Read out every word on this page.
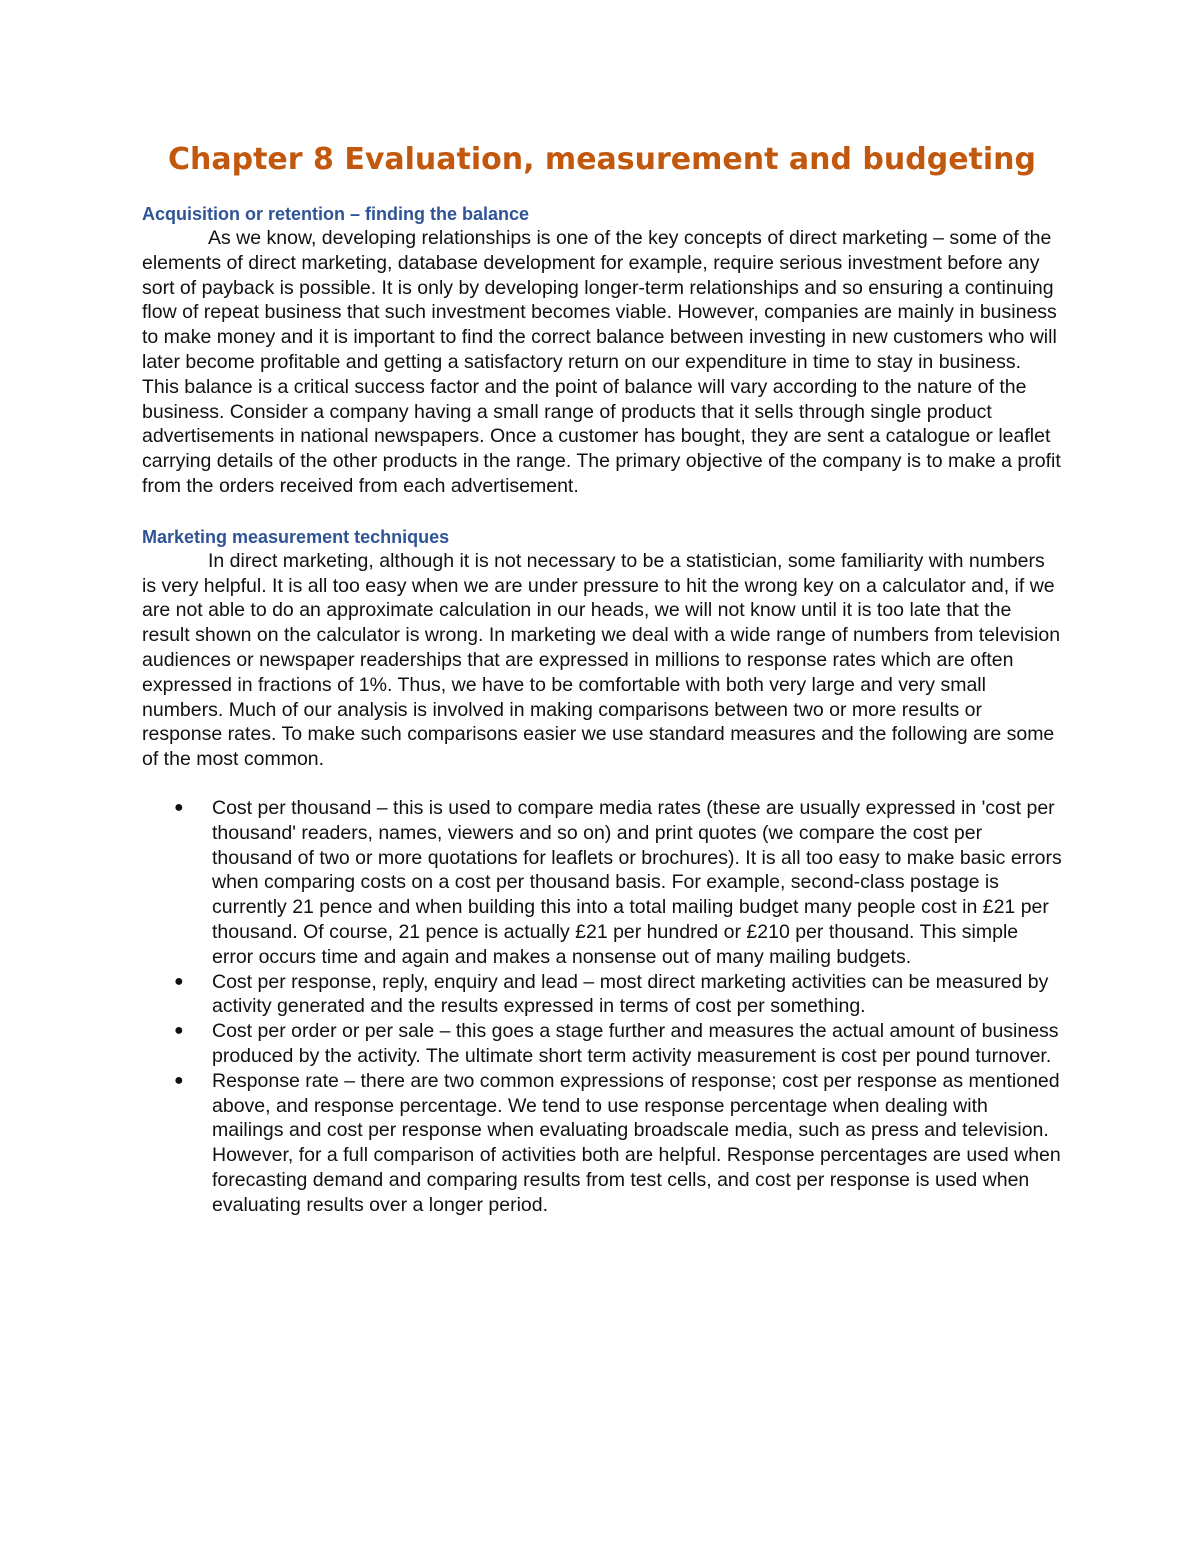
Chapter 8 Evaluation, measurement and budgeting
Acquisition or retention – finding the balance

As we know, developing relationships is one of the key concepts of direct marketing – some of the elements of direct marketing, database development for example, require serious investment before any sort of payback is possible. It is only by developing longer-term relationships and so ensuring a continuing flow of repeat business that such investment becomes viable. However, companies are mainly in business to make money and it is important to find the correct balance between investing in new customers who will later become profitable and getting a satisfactory return on our expenditure in time to stay in business. This balance is a critical success factor and the point of balance will vary according to the nature of the business. Consider a company having a small range of products that it sells through single product advertisements in national newspapers. Once a customer has bought, they are sent a catalogue or leaflet carrying details of the other products in the range. The primary objective of the company is to make a profit from the orders received from each advertisement.

Marketing measurement techniques

In direct marketing, although it is not necessary to be a statistician, some familiarity with numbers is very helpful. It is all too easy when we are under pressure to hit the wrong key on a calculator and, if we are not able to do an approximate calculation in our heads, we will not know until it is too late that the result shown on the calculator is wrong. In marketing we deal with a wide range of numbers from television audiences or newspaper readerships that are expressed in millions to response rates which are often expressed in fractions of 1%. Thus, we have to be comfortable with both very large and very small numbers. Much of our analysis is involved in making comparisons between two or more results or response rates. To make such comparisons easier we use standard measures and the following are some of the most common.

● Cost per thousand – this is used to compare media rates (these are usually expressed in 'cost per thousand' readers, names, viewers and so on) and print quotes (we compare the cost per thousand of two or more quotations for leaflets or brochures). It is all too easy to make basic errors when comparing costs on a cost per thousand basis. For example, second-class postage is currently 21 pence and when building this into a total mailing budget many people cost in £21 per thousand. Of course, 21 pence is actually £21 per hundred or £210 per thousand. This simple error occurs time and again and makes a nonsense out of many mailing budgets.
● Cost per response, reply, enquiry and lead – most direct marketing activities can be measured by activity generated and the results expressed in terms of cost per something.
● Cost per order or per sale – this goes a stage further and measures the actual amount of business produced by the activity. The ultimate short term activity measurement is cost per pound turnover.
● Response rate – there are two common expressions of response; cost per response as mentioned above, and response percentage. We tend to use response percentage when dealing with mailings and cost per response when evaluating broadscale media, such as press and television. However, for a full comparison of activities both are helpful. Response percentages are used when forecasting demand and comparing results from test cells, and cost per response is used when evaluating results over a longer period.
